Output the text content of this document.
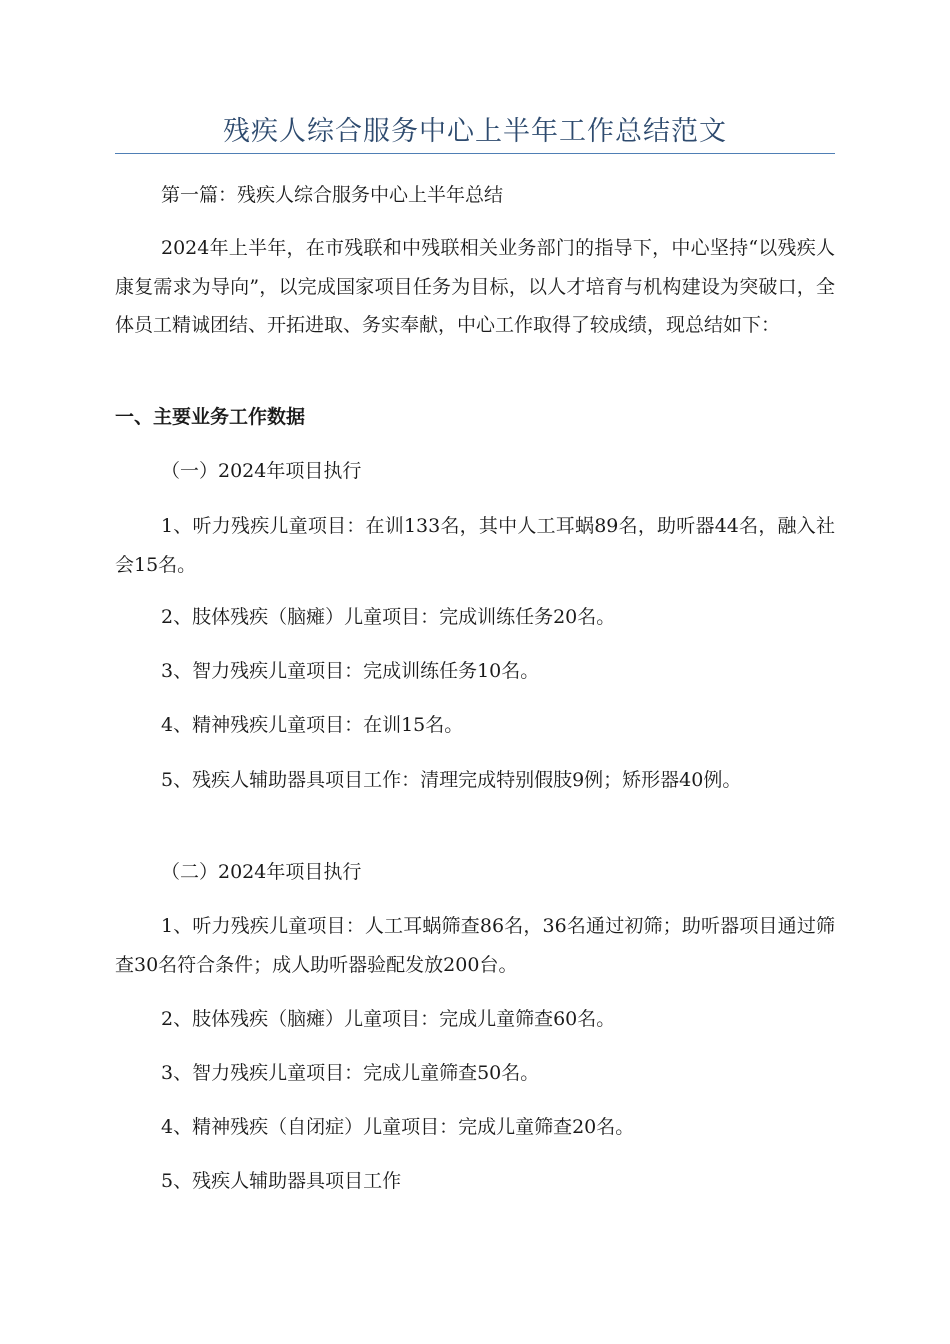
残疾人综合服务中心上半年工作总结范文

第一篇：残疾人综合服务中心上半年总结

2024年上半年，在市残联和中残联相关业务部门的指导下，中心坚持“以残疾人康复需求为导向”，以完成国家项目任务为目标，以人才培育与机构建设为突破口，全体员工精诚团结、开拓进取、务实奉献，中心工作取得了较成绩，现总结如下：

一、主要业务工作数据

（一）2024年项目执行

1、听力残疾儿童项目：在训133名，其中人工耳蜗89名，助听器44名，融入社会15名。

2、肢体残疾（脑瘫）儿童项目：完成训练任务20名。

3、智力残疾儿童项目：完成训练任务10名。

4、精神残疾儿童项目：在训15名。

5、残疾人辅助器具项目工作：清理完成特别假肢9例；矫形器40例。

（二）2024年项目执行

1、听力残疾儿童项目：人工耳蜗筛查86名，36名通过初筛；助听器项目通过筛查30名符合条件；成人助听器验配发放200台。

2、肢体残疾（脑瘫）儿童项目：完成儿童筛查60名。

3、智力残疾儿童项目：完成儿童筛查50名。

4、精神残疾（自闭症）儿童项目：完成儿童筛查20名。

5、残疾人辅助器具项目工作
